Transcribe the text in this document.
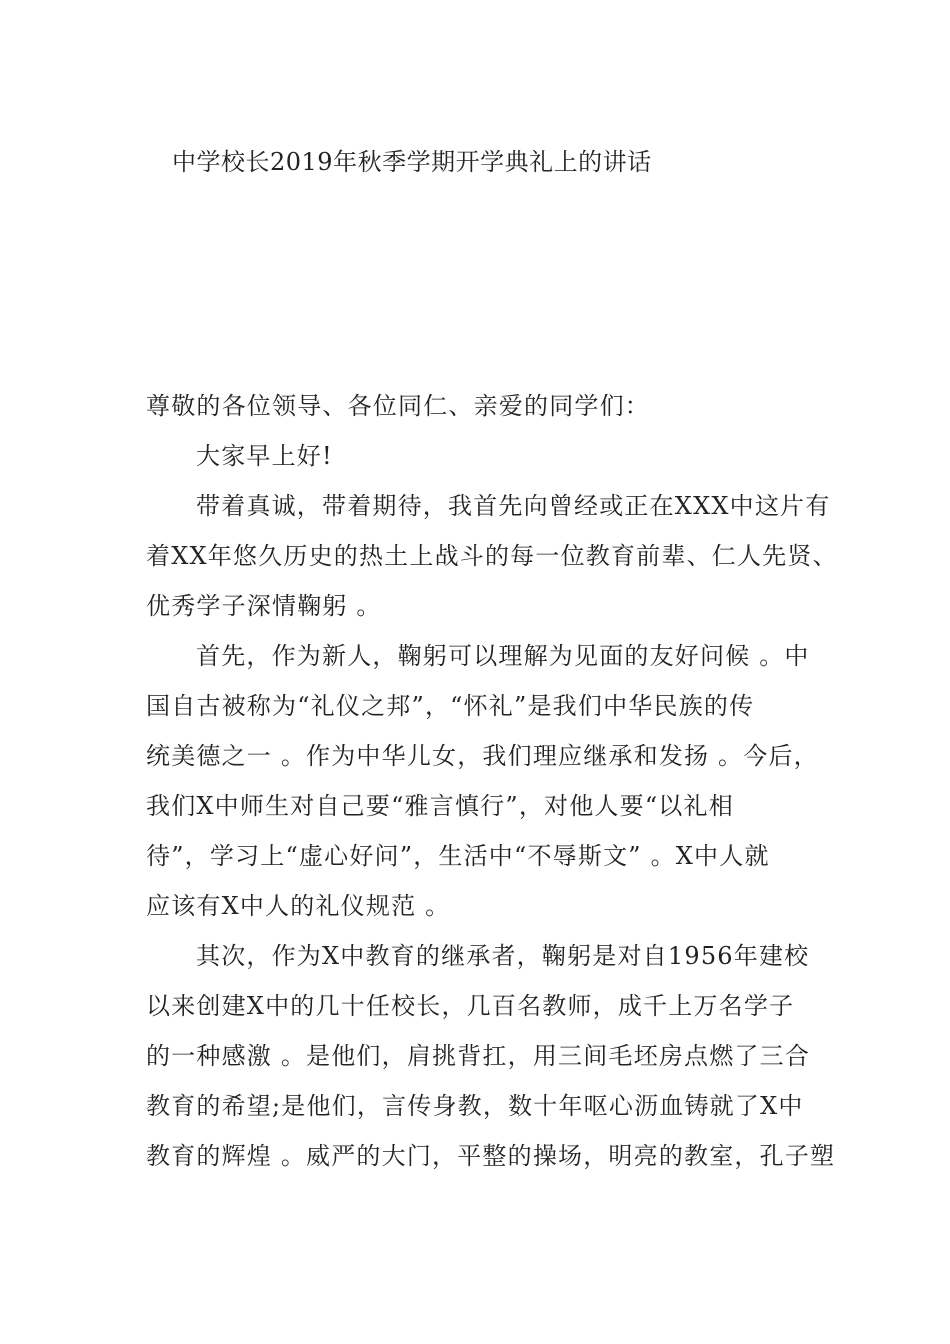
中学校长2019年秋季学期开学典礼上的讲话

尊敬的各位领导、各位同仁、亲爱的同学们：

大家早上好!

带着真诚，带着期待，我首先向曾经或正在XXX中这片有

着XX年悠久历史的热土上战斗的每一位教育前辈、仁人先贤、

优秀学子深情鞠躬 。

首先，作为新人，鞠躬可以理解为见面的友好问候 。中

国自古被称为“礼仪之邦”，“怀礼”是我们中华民族的传

统美德之一 。作为中华儿女，我们理应继承和发扬 。今后，

我们X中师生对自己要“雅言慎行”，对他人要“以礼相

待”，学习上“虚心好问”，生活中“不辱斯文” 。X中人就

应该有X中人的礼仪规范 。

其次，作为X中教育的继承者，鞠躬是对自1956年建校

以来创建X中的几十任校长，几百名教师，成千上万名学子

的一种感激 。是他们，肩挑背扛，用三间毛坯房点燃了三合

教育的希望;是他们，言传身教，数十年呕心沥血铸就了X中

教育的辉煌 。威严的大门，平整的操场，明亮的教室，孔子塑
